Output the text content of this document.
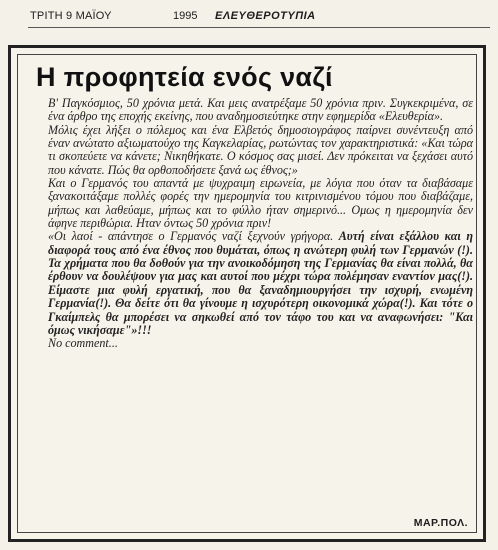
ΤΡΙΤΗ 9 ΜΑΪΟΥ	1995 ΕΛΕΥΘΕΡΟΤΥΠΙΑ
Η προφητεία ενός ναζί

Β' Παγκόσμιος, 50 χρόνια μετά. Και μεις ανατρέξαμε 50 χρόνια πριν. Συγκεκριμένα, σε ένα άρθρο της εποχής εκείνης, που αναδημοσιεύτηκε στην εφημερίδα «Ελευθερία».

Μόλις έχει λήξει ο πόλεμος και ένα Ελβετός δημοσιογράφος παίρνει συνέντευξη από έναν ανώτατο αξιωματούχο της Καγκελαρίας, ρωτώντας τον χαρακτηριστικά: «Και τώρα τι σκοπεύετε να κάνετε; Νικηθήκατε. Ο κόσμος σας μισεί. Δεν πρόκειται να ξεχάσει αυτό που κάνατε. Πώς θα ορθοποδήσετε ξανά ως έθνος;»

Και ο Γερμανός του απαντά με ψυχραιμη ειρωνεία, με λόγια που όταν τα διαβάσαμε ξανακοιτάξαμε πολλές φορές την ημερομηνία του κιτρινισμένου τόμου που διαβάζαμε, μήπως και λαθεύαμε, μήπως και το φύλλο ήταν σημερινό... Ομως η ημερομηνία δεν άφηνε περιθώρια. Ηταν όντως 50 χρόνια πριν!

«Οι λαοί - απάντησε ο Γερμανός ναζί ξεχνούν γρήγορα. Αυτή είναι εξάλλου και η διαφορά τους από ένα έθνος που θυμάται, όπως η ανώτερη φυλή των Γερμανών (!). Τα χρήματα που θα δοθούν για την ανοικοδόμηση της Γερμανίας θα είναι πολλά, θα έρθουν να δουλέψουν για μας και αυτοί που μέχρι τώρα πολέμησαν εναντίον μας(!). Είμαστε μια φυλή εργατική, που θα ξαναδημιουργήσει την ισχυρή, ενωμένη Γερμανία(!). Θα δείτε ότι θα γίνουμε η ισχυρότερη οικονομικά χώρα(!). Και τότε ο Γκαίμπελς θα μπορέσει να σηκωθεί από τον τάφο του και να αναφωνήσει: "Και όμως νικήσαμε"»!!!

No comment...

ΜΑΡ.ΠΟΛ.
